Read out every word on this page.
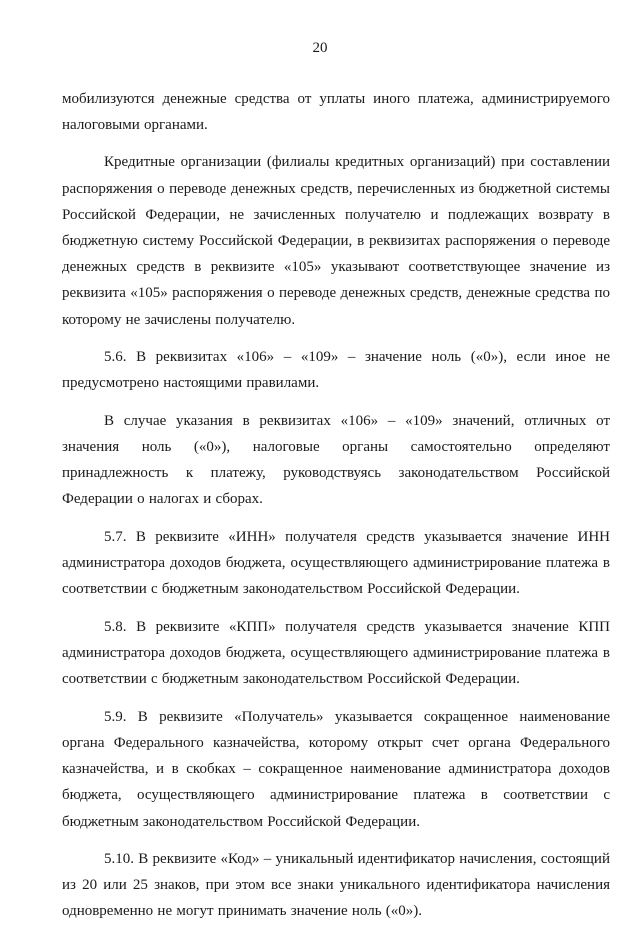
20

мобилизуются денежные средства от уплаты иного платежа, администрируемого налоговыми органами.

Кредитные организации (филиалы кредитных организаций) при составлении распоряжения о переводе денежных средств, перечисленных из бюджетной системы Российской Федерации, не зачисленных получателю и подлежащих возврату в бюджетную систему Российской Федерации, в реквизитах распоряжения о переводе денежных средств в реквизите «105» указывают соответствующее значение из реквизита «105» распоряжения о переводе денежных средств, денежные средства по которому не зачислены получателю.

5.6. В реквизитах «106» – «109» – значение ноль («0»), если иное не предусмотрено настоящими правилами.

В случае указания в реквизитах «106» – «109» значений, отличных от значения ноль («0»), налоговые органы самостоятельно определяют принадлежность к платежу, руководствуясь законодательством Российской Федерации о налогах и сборах.

5.7. В реквизите «ИНН» получателя средств указывается значение ИНН администратора доходов бюджета, осуществляющего администрирование платежа в соответствии с бюджетным законодательством Российской Федерации.

5.8. В реквизите «КПП» получателя средств указывается значение КПП администратора доходов бюджета, осуществляющего администрирование платежа в соответствии с бюджетным законодательством Российской Федерации.

5.9. В реквизите «Получатель» указывается сокращенное наименование органа Федерального казначейства, которому открыт счет органа Федерального казначейства, и в скобках – сокращенное наименование администратора доходов бюджета, осуществляющего администрирование платежа в соответствии с бюджетным законодательством Российской Федерации.

5.10. В реквизите «Код» – уникальный идентификатор начисления, состоящий из 20 или 25 знаков, при этом все знаки уникального идентификатора начисления одновременно не могут принимать значение ноль («0»).
